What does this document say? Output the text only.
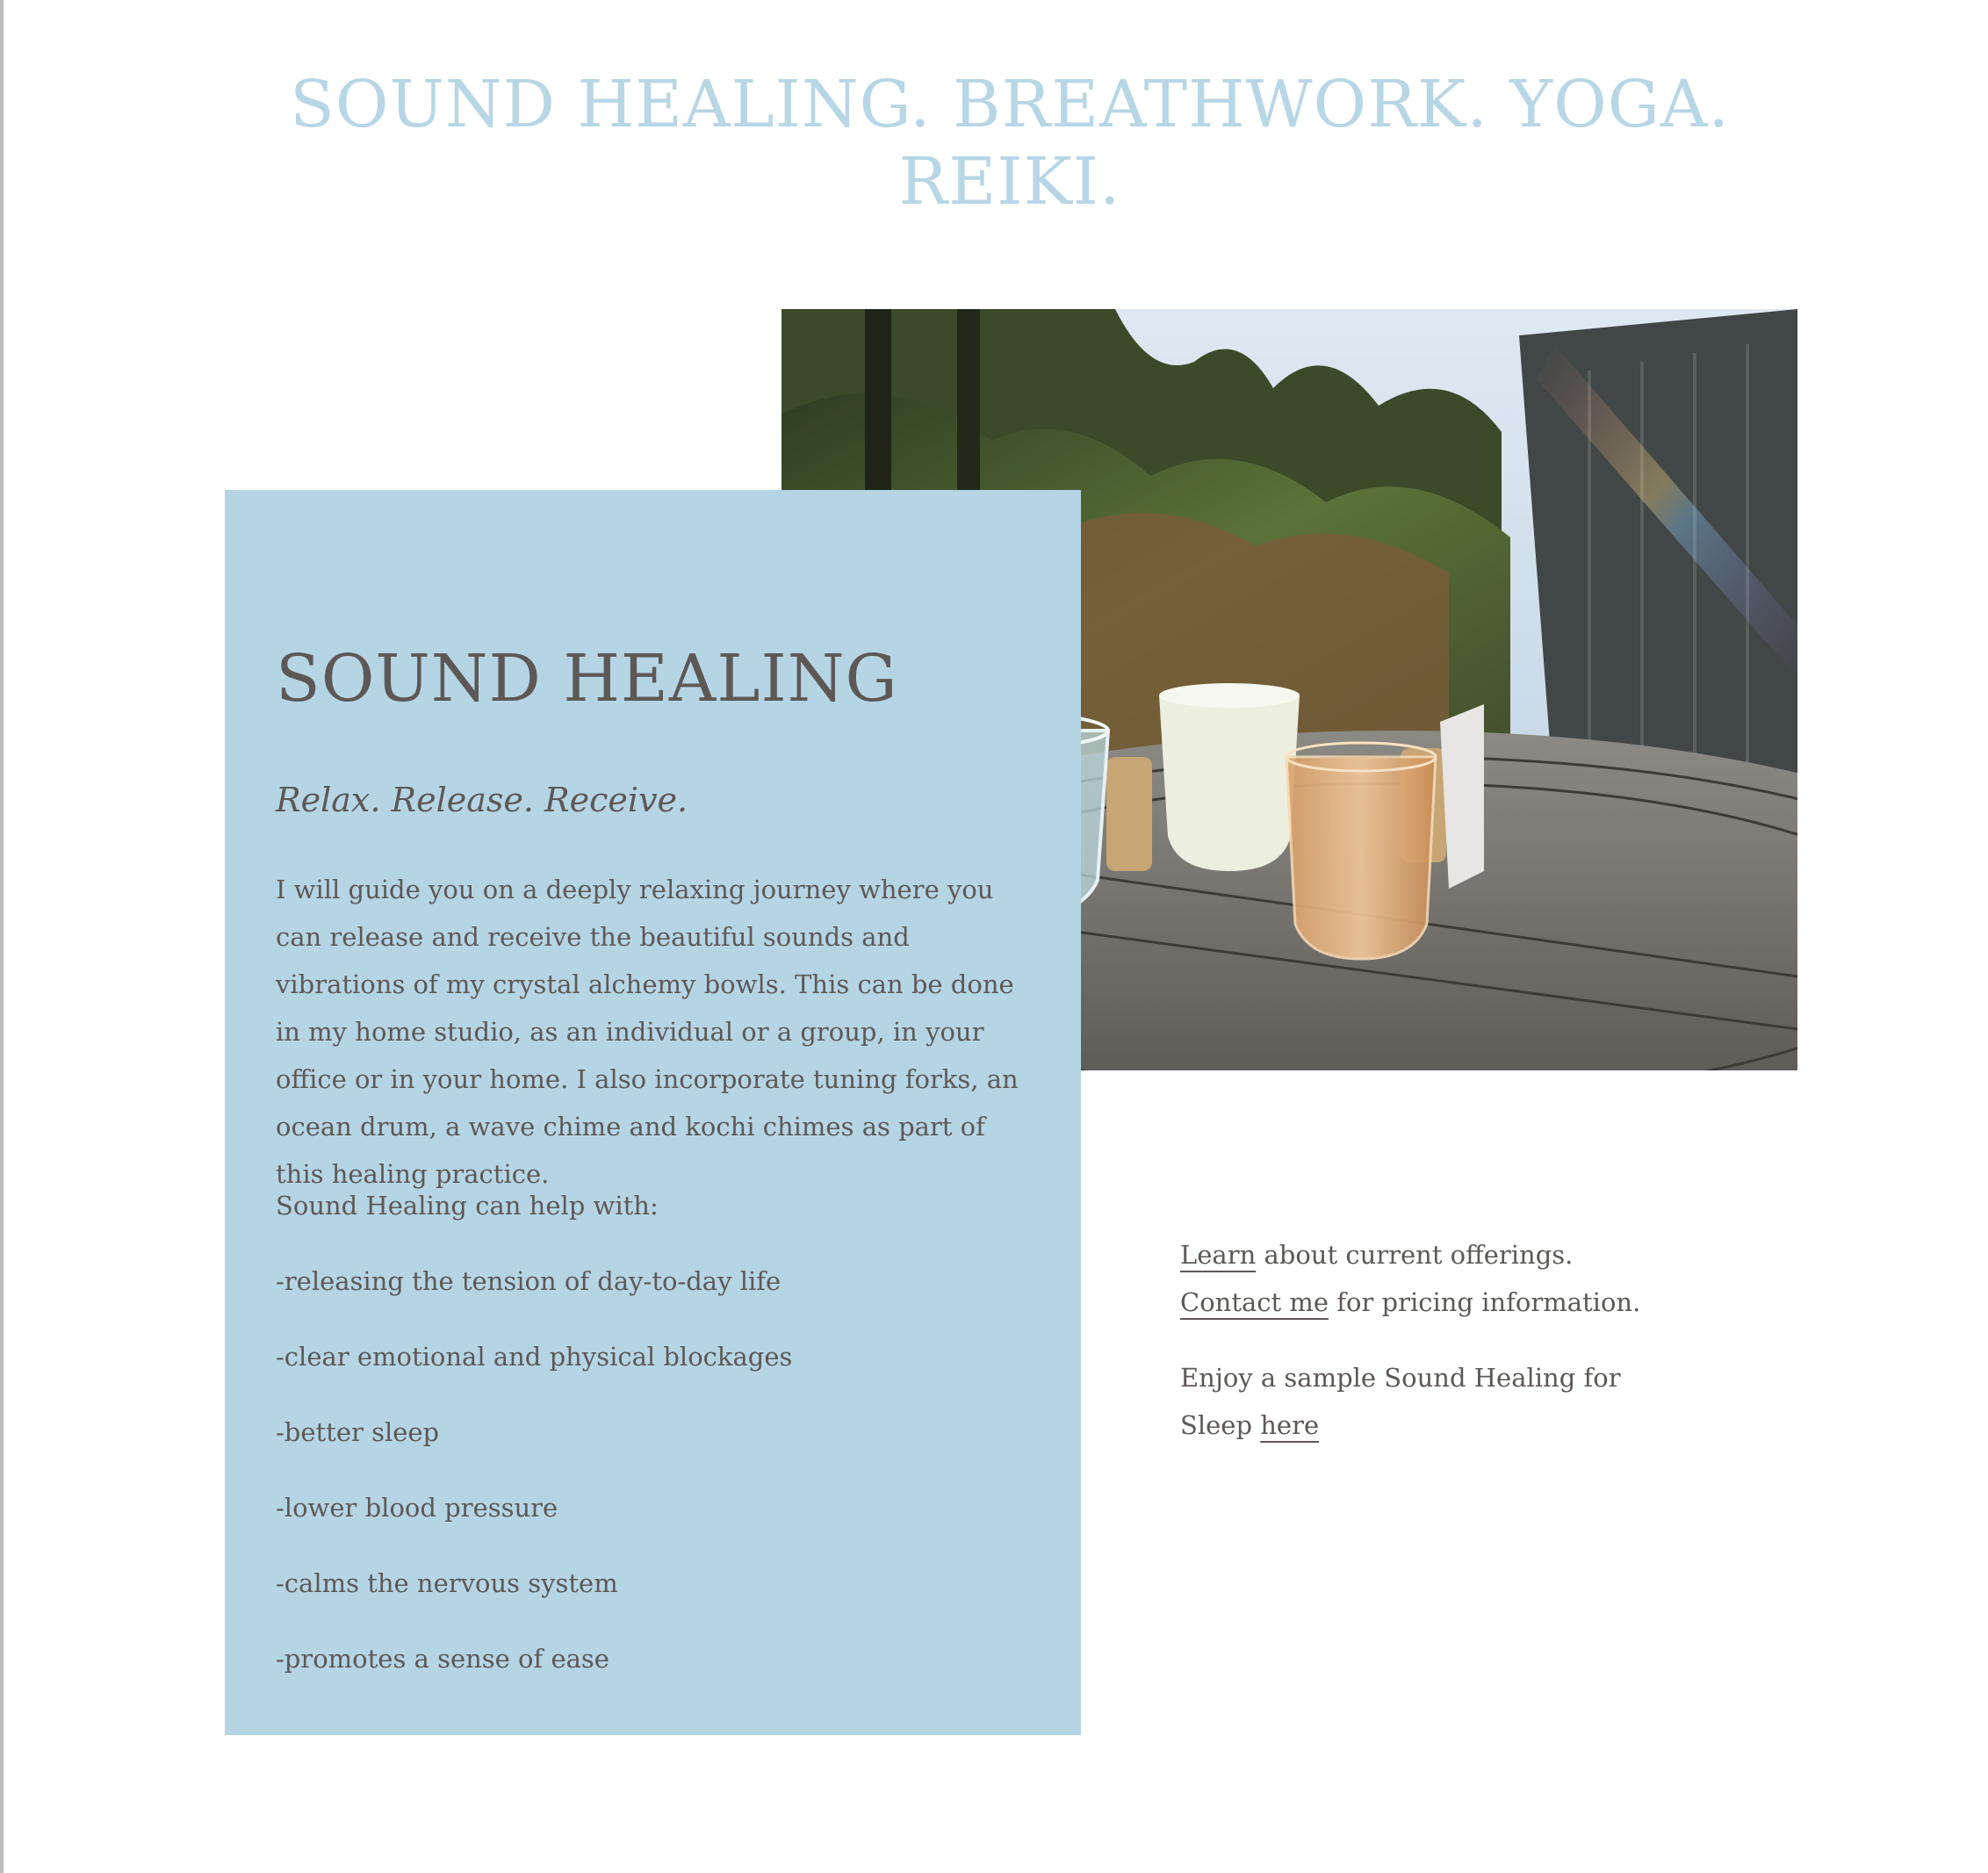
SOUND HEALING. BREATHWORK. YOGA.
REIKI.
SOUND HEALING

Relax. Release. Receive.

I will guide you on a deeply relaxing journey where you can release and receive the beautiful sounds and vibrations of my crystal alchemy bowls. This can be done in my home studio, as an individual or a group, in your office or in your home. I also incorporate tuning forks, an ocean drum, a wave chime and kochi chimes as part of this healing practice.

Sound Healing can help with:

-releasing the tension of day-to-day life
-clear emotional and physical blockages
-better sleep
-lower blood pressure
-calms the nervous system
-promotes a sense of ease

Learn about current offerings.

Contact me for pricing information.

Enjoy a sample Sound Healing for Sleep here
